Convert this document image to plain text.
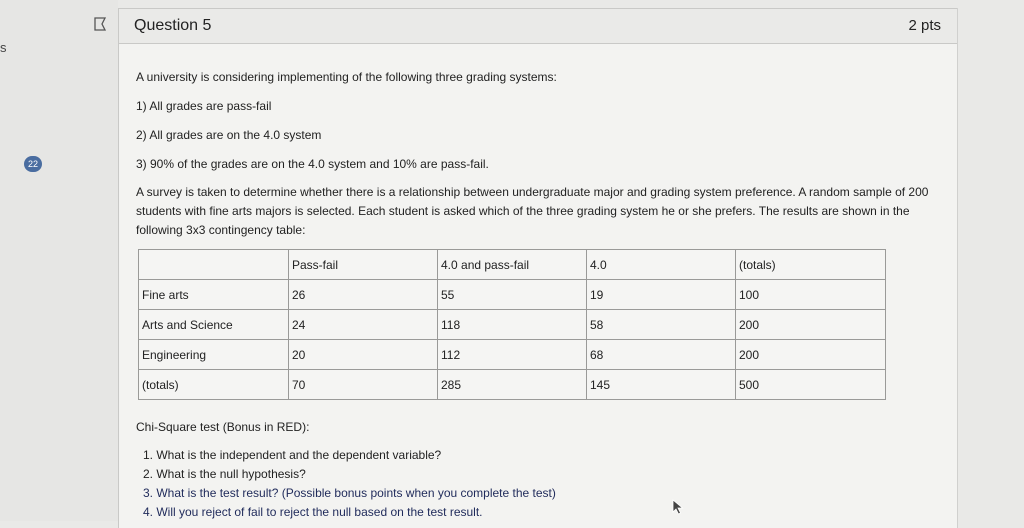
s
22
Question 5	2 pts
A university is considering implementing of the following three grading systems:
1) All grades are pass-fail
2) All grades are on the 4.0 system
3) 90% of the grades are on the 4.0 system and 10% are pass-fail.
A survey is taken to determine whether there is a relationship between undergraduate major and grading system preference. A random sample of 200 students with fine arts majors is selected. Each student is asked which of the three grading system he or she prefers. The results are shown in the following 3x3 contingency table:
	Pass-fail	4.0 and pass-fail	4.0	(totals)
Fine arts	26	55	19	100
Arts and Science	24	118	58	200
Engineering	20	112	68	200
(totals)	70	285	145	500
Chi-Square test (Bonus in RED):
1. What is the independent and the dependent variable?
2. What is the null hypothesis?
3. What is the test result? (Possible bonus points when you complete the test)
4. Will you reject of fail to reject the null based on the test result.
